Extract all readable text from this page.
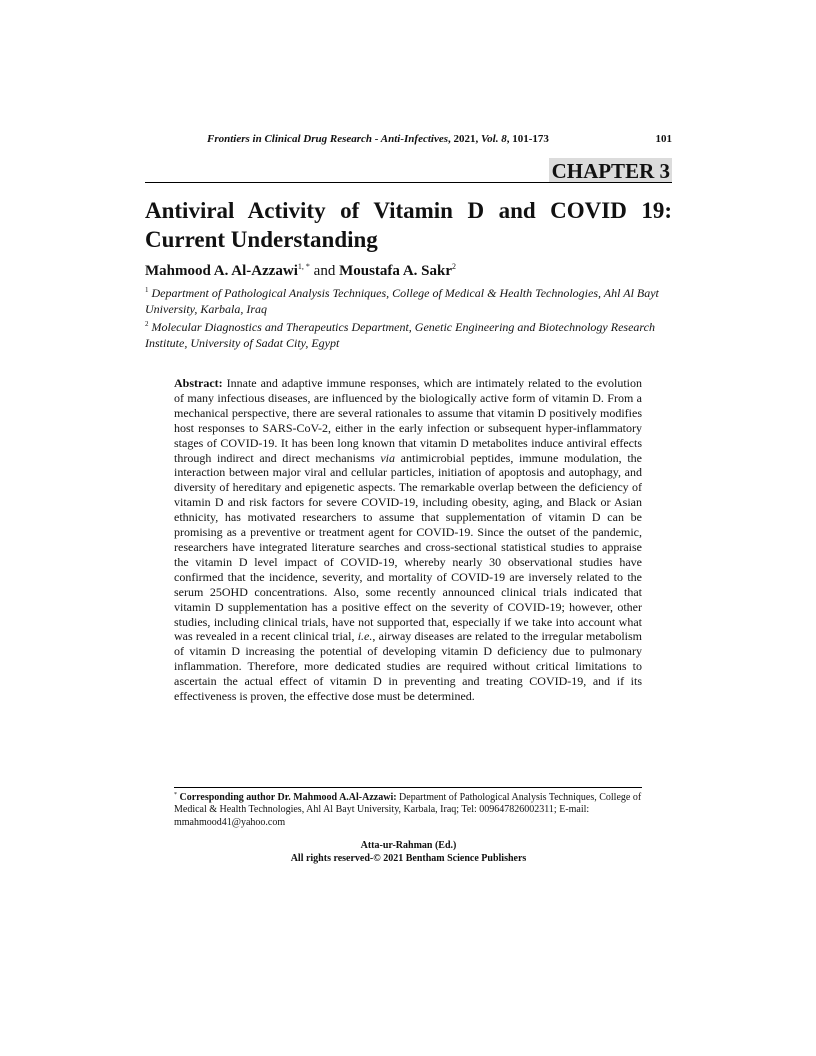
Frontiers in Clinical Drug Research - Anti-Infectives, 2021, Vol. 8, 101-173	101
CHAPTER 3
Antiviral Activity of Vitamin D and COVID 19: Current Understanding

Mahmood A. Al-Azzawi$^{1, *}$ and Moustafa A. Sakr$^2$

$^1$ Department of Pathological Analysis Techniques, College of Medical & Health Technologies, Ahl Al Bayt University, Karbala, Iraq

$^2$ Molecular Diagnostics and Therapeutics Department, Genetic Engineering and Biotechnology Research Institute, University of Sadat City, Egypt

Abstract: Innate and adaptive immune responses, which are intimately related to the evolution of many infectious diseases, are influenced by the biologically active form of vitamin D. From a mechanical perspective, there are several rationales to assume that vitamin D positively modifies host responses to SARS-CoV-2, either in the early infection or subsequent hyper-inflammatory stages of COVID-19. It has been long known that vitamin D metabolites induce antiviral effects through indirect and direct mechanisms via antimicrobial peptides, immune modulation, the interaction between major viral and cellular particles, initiation of apoptosis and autophagy, and diversity of hereditary and epigenetic aspects. The remarkable overlap between the deficiency of vitamin D and risk factors for severe COVID-19, including obesity, aging, and Black or Asian ethnicity, has motivated researchers to assume that supplementation of vitamin D can be promising as a preventive or treatment agent for COVID-19. Since the outset of the pandemic, researchers have integrated literature searches and cross-sectional statistical studies to appraise the vitamin D level impact of COVID-19, whereby nearly 30 observational studies have confirmed that the incidence, severity, and mortality of COVID-19 are inversely related to the serum 25OHD concentrations. Also, some recently announced clinical trials indicated that vitamin D supplementation has a positive effect on the severity of COVID-19; however, other studies, including clinical trials, have not supported that, especially if we take into account what was revealed in a recent clinical trial, i.e., airway diseases are related to the irregular metabolism of vitamin D increasing the potential of developing vitamin D deficiency due to pulmonary inflammation. Therefore, more dedicated studies are required without critical limitations to ascertain the actual effect of vitamin D in preventing and treating COVID-19, and if its effectiveness is proven, the effective dose must be determined.

* Corresponding author Dr. Mahmood A.Al-Azzawi: Department of Pathological Analysis Techniques, College of Medical & Health Technologies, Ahl Al Bayt University, Karbala, Iraq; Tel: 009647826002311; E-mail: mmahmood41@yahoo.com

Atta-ur-Rahman (Ed.)
All rights reserved-© 2021 Bentham Science Publishers
